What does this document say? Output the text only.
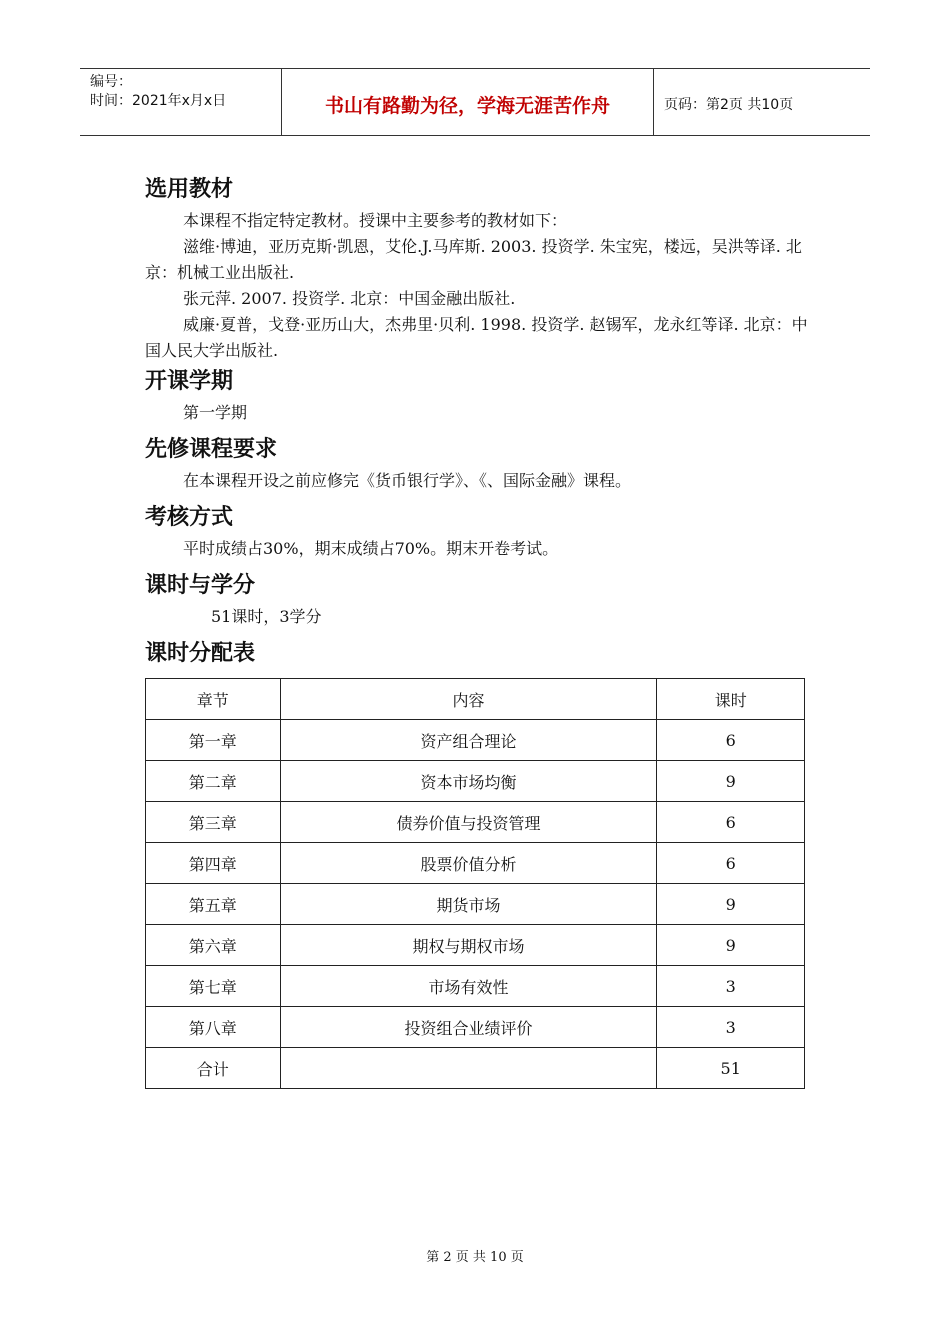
编号：
时间：2021年x月x日	书山有路勤为径，学海无涯苦作舟	页码：第2页 共10页
选用教材

本课程不指定特定教材。授课中主要参考的教材如下：

滋维·博迪，亚历克斯·凯恩，艾伦.J.马库斯. 2003. 投资学. 朱宝宪，楼远，吴洪等译. 北京：机械工业出版社.

张元萍. 2007. 投资学. 北京：中国金融出版社.

威廉·夏普，戈登·亚历山大，杰弗里·贝利. 1998. 投资学. 赵锡军，龙永红等译. 北京：中国人民大学出版社.

开课学期

第一学期

先修课程要求

在本课程开设之前应修完《货币银行学》、《、国际金融》课程。

考核方式

平时成绩占30%，期末成绩占70%。期末开卷考试。

课时与学分

51课时，3学分

课时分配表
章节	内容	课时
第一章	资产组合理论	6
第二章	资本市场均衡	9
第三章	债券价值与投资管理	6
第四章	股票价值分析	6
第五章	期货市场	9
第六章	期权与期权市场	9
第七章	市场有效性	3
第八章	投资组合业绩评价	3
合计		51
第 2 页 共 10 页
